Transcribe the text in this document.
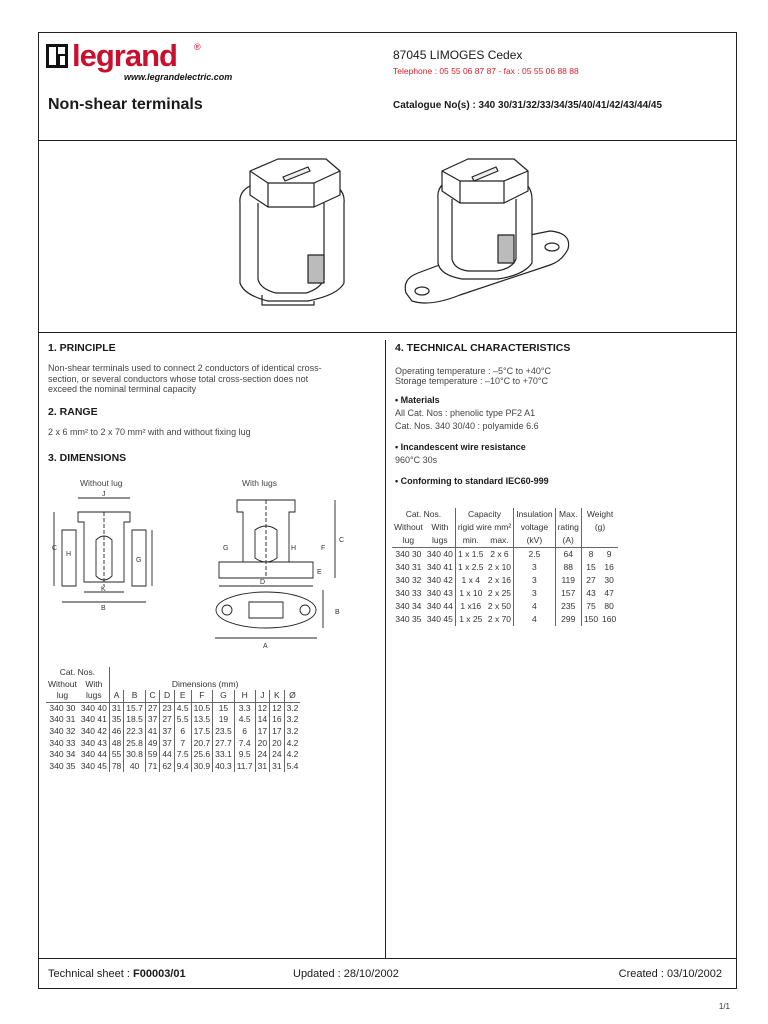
legrand ®
www.legrandelectric.com
87045 LIMOGES Cedex
Telephone : 05 55 06 87 87 - fax : 05 55 06 88 88
Non-shear terminals	Catalogue No(s) : 340 30/31/32/33/34/35/40/41/42/43/44/45
1. PRINCIPLE
Non-shear terminals used to connect 2 conductors of identical cross-
section, or several conductors whose total cross-section does not
exceed the nominal terminal capacity
2. RANGE
2 x 6 mm² to 2 x 70 mm² with and without fixing lug
3. DIMENSIONS
Without lug	With lugs
J
C
H
G
K
B
E
F
C
H
G
D
B
A
Cat. Nos.												
Without	With	Dimensions (mm)										
lug	lugs	A	B	C	D	E	F	G	H	J	K	Ø
340 30	340 40	31	15.7	27	23	4.5	10.5	15	3.3	12	12	3.2
340 31	340 41	35	18.5	37	27	5.5	13.5	19	4.5	14	16	3.2
340 32	340 42	46	22.3	41	37	6	17.5	23.5	6	17	17	3.2
340 33	340 43	48	25.8	49	37	7	20.7	27.7	7.4	20	20	4.2
340 34	340 44	55	30.8	59	44	7.5	25.6	33.1	9.5	24	24	4.2
340 35	340 45	78	40	71	62	9.4	30.9	40.3	11.7	31	31	5.4
4. TECHNICAL CHARACTERISTICS
Operating temperature : –5°C to +40°C
Storage temperature : –10°C to +70°C
• Materials
All Cat. Nos : phenolic type PF2 A1
Cat. Nos. 340 30/40 : polyamide 6.6
• Incandescent wire resistance
960°C 30s
• Conforming to standard IEC60-999
Cat. Nos.		Capacity		Insulation	Max.	Weight	
Without	With	rigid wire mm²		voltage	rating	(g)	
lug	lugs	min.	max.	(kV)	(A)		
340 30	340 40	1 x 1.5	2 x 6	2.5	64	8	9
340 31	340 41	1 x 2.5	2 x 10	3	88	15	16
340 32	340 42	1 x 4	2 x 16	3	119	27	30
340 33	340 43	1 x 10	2 x 25	3	157	43	47
340 34	340 44	1 x16	2 x 50	4	235	75	80
340 35	340 45	1 x 25	2 x 70	4	299	150	160
Technical sheet : F00003/01	Updated : 28/10/2002	Created : 03/10/2002
1/1
